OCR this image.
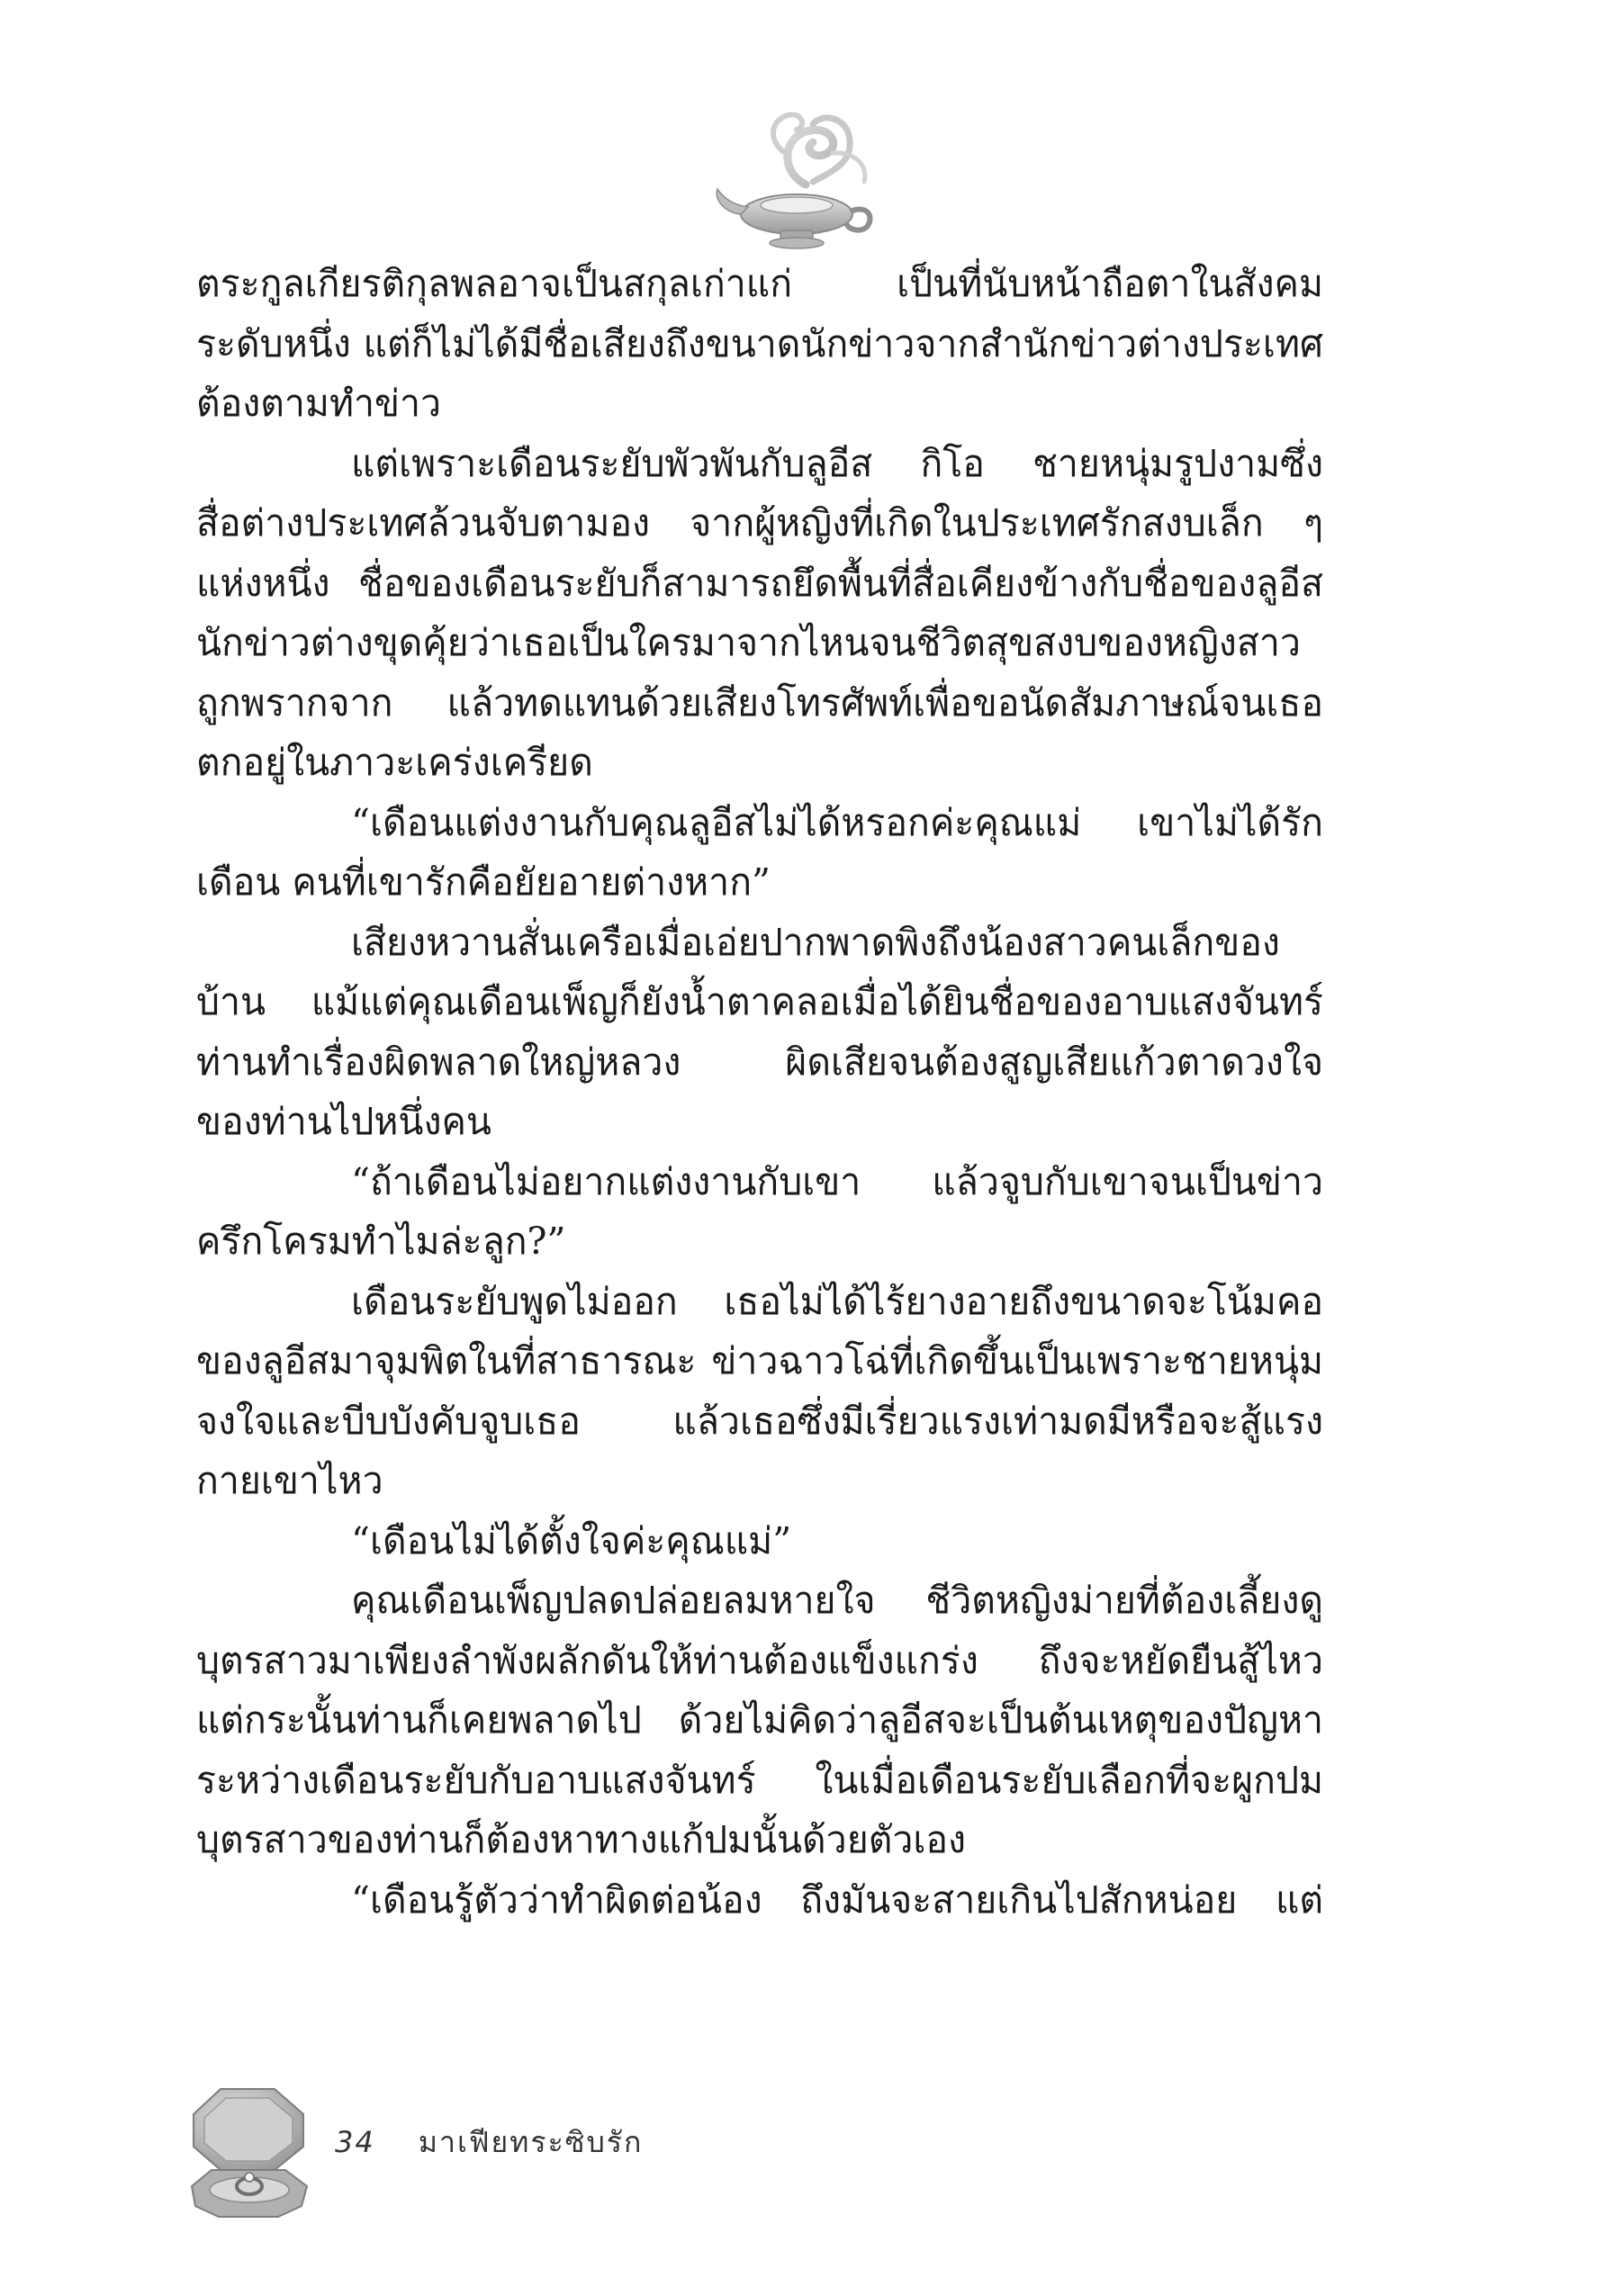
ตระกูลเกียรติกุลพลอาจเป็นสกุลเก่าแก่ เป็นที่นับหน้าถือตาในสังคม
ระดับหนึ่ง แต่ก็ไม่ได้มีชื่อเสียงถึงขนาดนักข่าวจากสำนักข่าวต่างประเทศ
ต้องตามทำข่าว

แต่เพราะเดือนระยับพัวพันกับลูอีส กิโอ ชายหนุ่มรูปงามซึ่ง
สื่อต่างประเทศล้วนจับตามอง จากผู้หญิงที่เกิดในประเทศรักสงบเล็ก ๆ
แห่งหนึ่ง ชื่อของเดือนระยับก็สามารถยึดพื้นที่สื่อเคียงข้างกับชื่อของลูอีส
นักข่าวต่างขุดคุ้ยว่าเธอเป็นใครมาจากไหนจนชีวิตสุขสงบของหญิงสาว
ถูกพรากจาก แล้วทดแทนด้วยเสียงโทรศัพท์เพื่อขอนัดสัมภาษณ์จนเธอ
ตกอยู่ในภาวะเคร่งเครียด

“เดือนแต่งงานกับคุณลูอีสไม่ได้หรอกค่ะคุณแม่ เขาไม่ได้รัก
เดือน คนที่เขารักคือยัยอายต่างหาก”

เสียงหวานสั่นเครือเมื่อเอ่ยปากพาดพิงถึงน้องสาวคนเล็กของ
บ้าน แม้แต่คุณเดือนเพ็ญก็ยังน้ำตาคลอเมื่อได้ยินชื่อของอาบแสงจันทร์
ท่านทำเรื่องผิดพลาดใหญ่หลวง ผิดเสียจนต้องสูญเสียแก้วตาดวงใจ
ของท่านไปหนึ่งคน

“ถ้าเดือนไม่อยากแต่งงานกับเขา แล้วจูบกับเขาจนเป็นข่าว
ครึกโครมทำไมล่ะลูก?”

เดือนระยับพูดไม่ออก เธอไม่ได้ไร้ยางอายถึงขนาดจะโน้มคอ
ของลูอีสมาจุมพิตในที่สาธารณะ ข่าวฉาวโฉ่ที่เกิดขึ้นเป็นเพราะชายหนุ่ม
จงใจและบีบบังคับจูบเธอ แล้วเธอซึ่งมีเรี่ยวแรงเท่ามดมีหรือจะสู้แรง
กายเขาไหว

“เดือนไม่ได้ตั้งใจค่ะคุณแม่”

คุณเดือนเพ็ญปลดปล่อยลมหายใจ ชีวิตหญิงม่ายที่ต้องเลี้ยงดู
บุตรสาวมาเพียงลำพังผลักดันให้ท่านต้องแข็งแกร่ง ถึงจะหยัดยืนสู้ไหว
แต่กระนั้นท่านก็เคยพลาดไป ด้วยไม่คิดว่าลูอีสจะเป็นต้นเหตุของปัญหา
ระหว่างเดือนระยับกับอาบแสงจันทร์ ในเมื่อเดือนระยับเลือกที่จะผูกปม
บุตรสาวของท่านก็ต้องหาทางแก้ปมนั้นด้วยตัวเอง

“เดือนรู้ตัวว่าทำผิดต่อน้อง ถึงมันจะสายเกินไปสักหน่อย แต่

34 มาเฟียทระซิบรัก
